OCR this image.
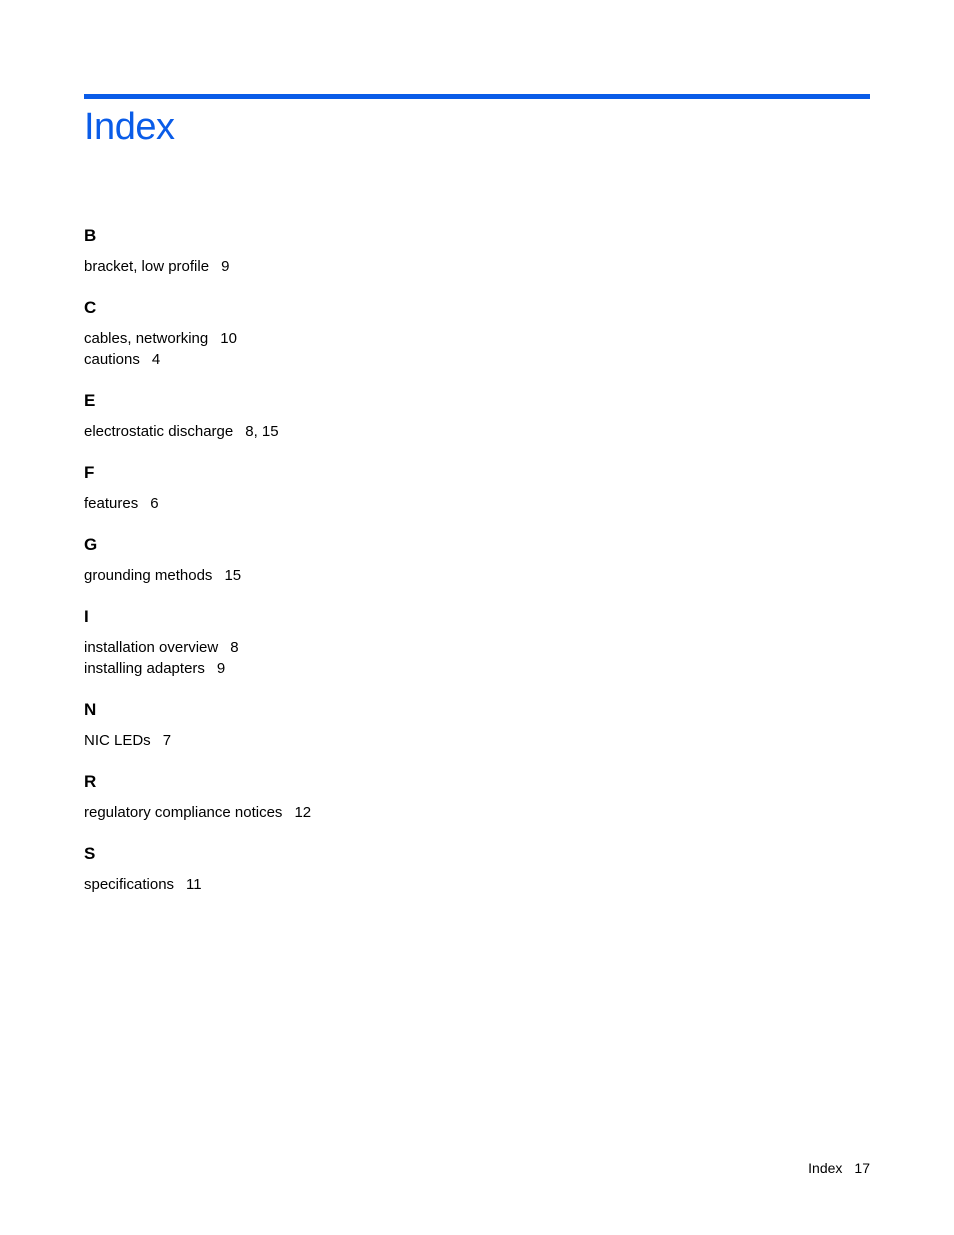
Index
B
bracket, low profile 9
C
cables, networking 10
cautions 4
E
electrostatic discharge 8, 15
F
features 6
G
grounding methods 15
I
installation overview 8
installing adapters 9
N
NIC LEDs 7
R
regulatory compliance notices 12
S
specifications 11
Index 17
